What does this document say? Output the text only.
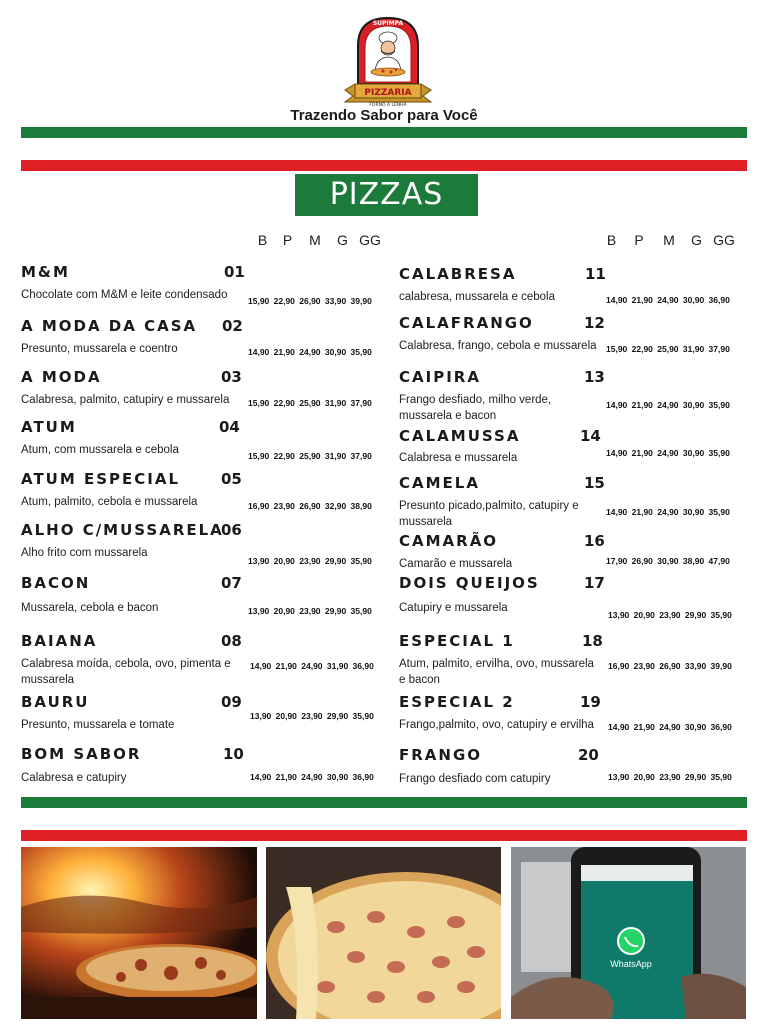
SUPIMPA
PIZZARIA
FORNO A LENHA
Trazendo Sabor para Você
PIZZAS
B	P	M	G GG	B	P	M	G GG
M&M	01
Chocolate com M&M e leite condensado	15,90 22,90 26,90 33,90 39,90
A MODA DA CASA 02
Presunto, mussarela e coentro	14,90 21,90 24,90 30,90 35,90
A MODA	03
Calabresa, palmito, catupiry e mussarela	15,90 22,90 25,90 31,90 37,90
ATUM	04
Atum, com mussarela e cebola	15,90 22,90 25,90 31,90 37,90
ATUM ESPECIAL	05
Atum, palmito, cebola e mussarela	16,90 23,90 26,90 32,90 38,90
ALHO C/MUSSARELA
06
Alho frito com mussarela
13,90 20,90 23,90 29,90 35,90
BACON	07
Mussarela, cebola e bacon	13,90 20,90 23,90 29,90 35,90
BAIANA	08
Calabresa moída, cebola, ovo, pimenta e mussarela
14,90 21,90 24,90 31,90 36,90
BAURU	09
Presunto, mussarela e tomate
13,90 20,90 23,90 29,90 35,90
BOM SABOR	10
Calabresa e catupiry	14,90 21,90 24,90 30,90 36,90
CALABRESA	11
calabresa, mussarela e cebola	14,90 21,90 24,90 30,90 36,90
CALAFRANGO	12
Calabresa, frango, cebola e mussarela	15,90 22,90 25,90 31,90 37,90
CAIPIRA	13
Frango desfiado, milho verde, mussarela e bacon
14,90 21,90 24,90 30,90 35,90
CALAMUSSA	14
Calabresa e mussarela	14,90 21,90 24,90 30,90 35,90
CAMELA	15
Presunto picado,palmito, catupiry e mussarela
14,90 21,90 24,90 30,90 35,90
CAMARÃO	16
Camarão e mussarela	17,90 26,90 30,90 38,90 47,90
DOIS QUEIJOS	17
Catupiry e mussarela
13,90 20,90 23,90 29,90 35,90
ESPECIAL 1	18
Atum, palmito, ervilha, ovo, mussarela e bacon
16,90 23,90 26,90 33,90 39,90
ESPECIAL 2	19
Frango,palmito, ovo, catupiry e ervilha	14,90 21,90 24,90 30,90 36,90
FRANGO	20
Frango desfiado com catupiry	13,90 20,90 23,90 29,90 35,90
WhatsApp
